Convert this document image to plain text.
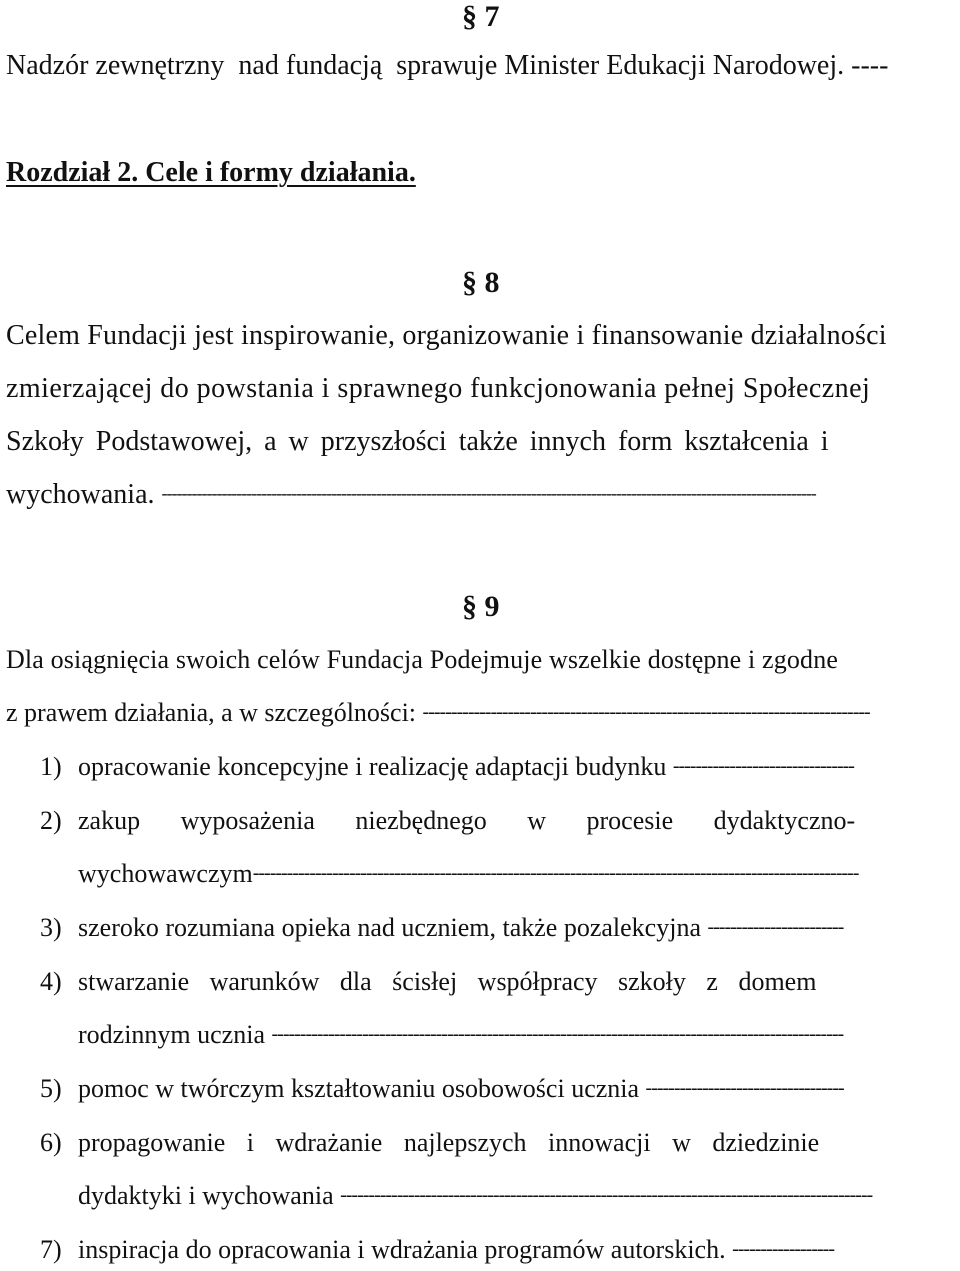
§ 7
Nadzór zewnętrzny  nad fundacją  sprawuje Minister Edukacji Narodowej. ----
Rozdział 2. Cele i formy działania.
§ 8
Celem Fundacji jest inspirowanie, organizowanie i finansowanie działalności
zmierzającej do powstania i sprawnego funkcjonowania pełnej Społecznej
Szkoły Podstawowej, a w przyszłości także innych form kształcenia i
wychowania. -----------------------------------------------------------------------------------------------------------------------------------
§ 9
Dla osiągnięcia swoich celów Fundacja Podejmuje wszelkie dostępne i zgodne
z prawem działania, a w szczególności: -------------------------------------------------------------------------------
1) opracowanie koncepcyjne i realizację adaptacji budynku --------------------------------
2) zakup wyposażenia niezbędnego w procesie dydaktyczno-
wychowawczym-----------------------------------------------------------------------------------------------------------
3) szeroko rozumiana opieka nad uczniem, także pozalekcyjna ------------------------
4) stwarzanie warunków dla ścisłej współpracy szkoły z domem
rodzinnym ucznia -----------------------------------------------------------------------------------------------------
5) pomoc w twórczym kształtowaniu osobowości ucznia -----------------------------------
6) propagowanie i wdrażanie najlepszych innowacji w dziedzinie
dydaktyki i wychowania ----------------------------------------------------------------------------------------------
7) inspiracja do opracowania i wdrażania programów autorskich. ------------------
